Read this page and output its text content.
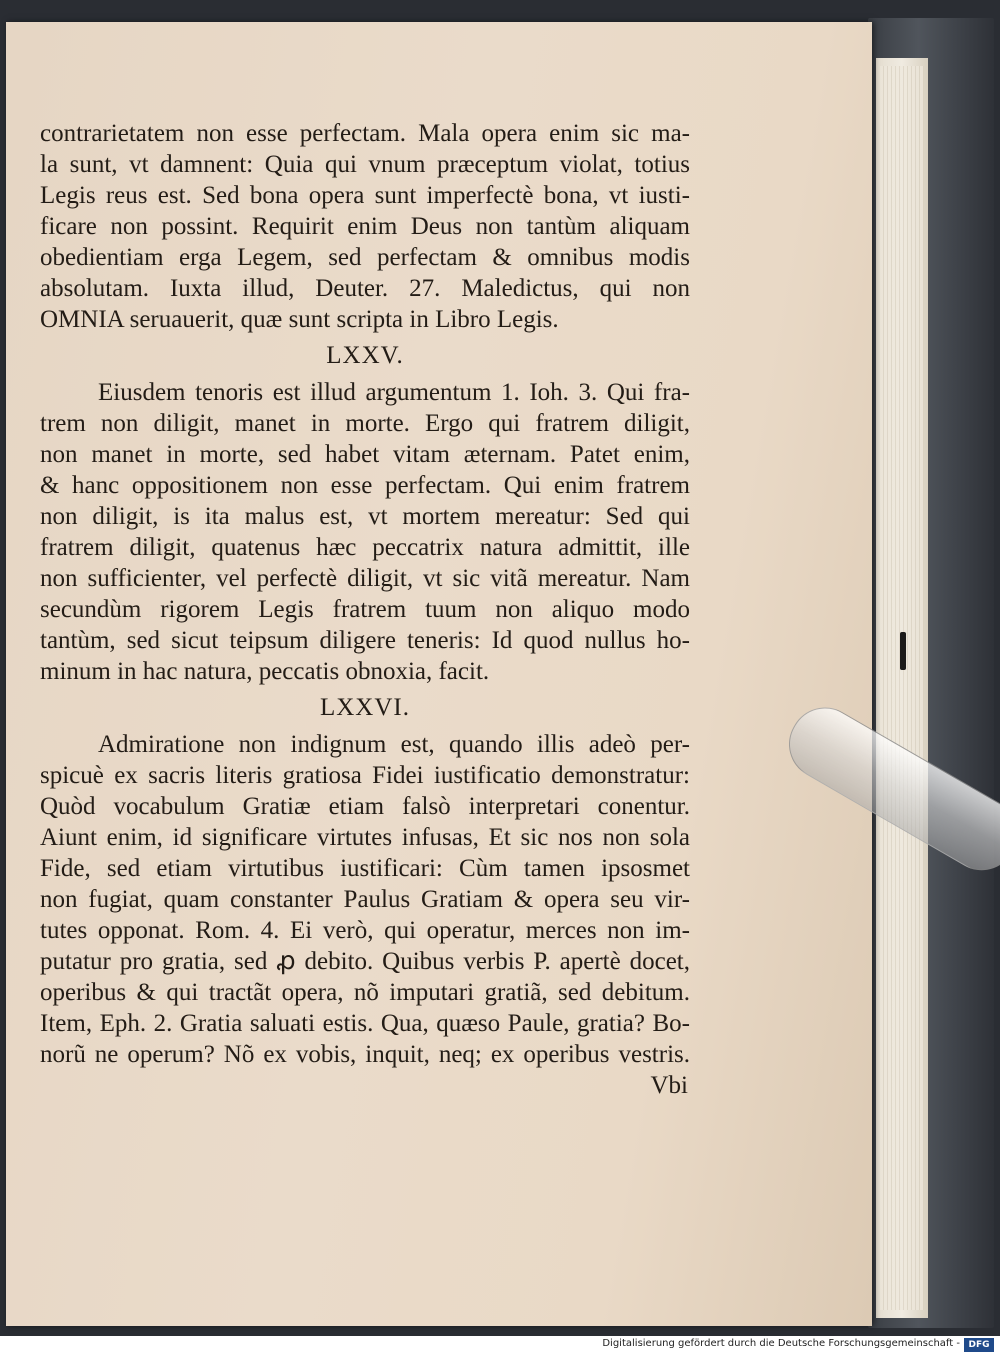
contrarietatem non esse perfectam. Mala opera enim sic ma-
la sunt, vt damnent: Quia qui vnum præceptum violat, totius
Legis reus est. Sed bona opera sunt imperfectè bona, vt iusti-
ficare non possint. Requirit enim Deus non tantùm aliquam
obedientiam erga Legem, sed perfectam & omnibus modis
absolutam. Iuxta illud, Deuter. 27. Maledictus, qui non
OMNIA seruauerit, quæ sunt scripta in Libro Legis.
LXXV.
Eiusdem tenoris est illud argumentum 1. Ioh. 3. Qui fra-
trem non diligit, manet in morte. Ergo qui fratrem diligit,
non manet in morte, sed habet vitam æternam. Patet enim,
& hanc oppositionem non esse perfectam. Qui enim fratrem
non diligit, is ita malus est, vt mortem mereatur: Sed qui
fratrem diligit, quatenus hæc peccatrix natura admittit, ille
non sufficienter, vel perfectè diligit, vt sic vitã mereatur. Nam
secundùm rigorem Legis fratrem tuum non aliquo modo
tantùm, sed sicut teipsum diligere teneris: Id quod nullus ho-
minum in hac natura, peccatis obnoxia, facit.
LXXVI.
Admiratione non indignum est, quando illis adeò per-
spicuè ex sacris literis gratiosa Fidei iustificatio demonstratur:
Quòd vocabulum Gratiæ etiam falsò interpretari conentur.
Aiunt enim, id significare virtutes infusas, Et sic nos non sola
Fide, sed etiam virtutibus iustificari: Cùm tamen ipsosmet
non fugiat, quam constanter Paulus Gratiam & opera seu vir-
tutes opponat. Rom. 4. Ei verò, qui operatur, merces non im-
putatur pro gratia, sed ꝓ debito. Quibus verbis P. apertè docet,
operibus & qui tractãt opera, nõ imputari gratiã, sed debitum.
Item, Eph. 2. Gratia saluati estis. Qua, quæso Paule, gratia? Bo-
norũ ne operum? Nõ ex vobis, inquit, neq; ex operibus vestris.
Vbi
Digitalisierung gefördert durch die Deutsche Forschungsgemeinschaft - DFG
